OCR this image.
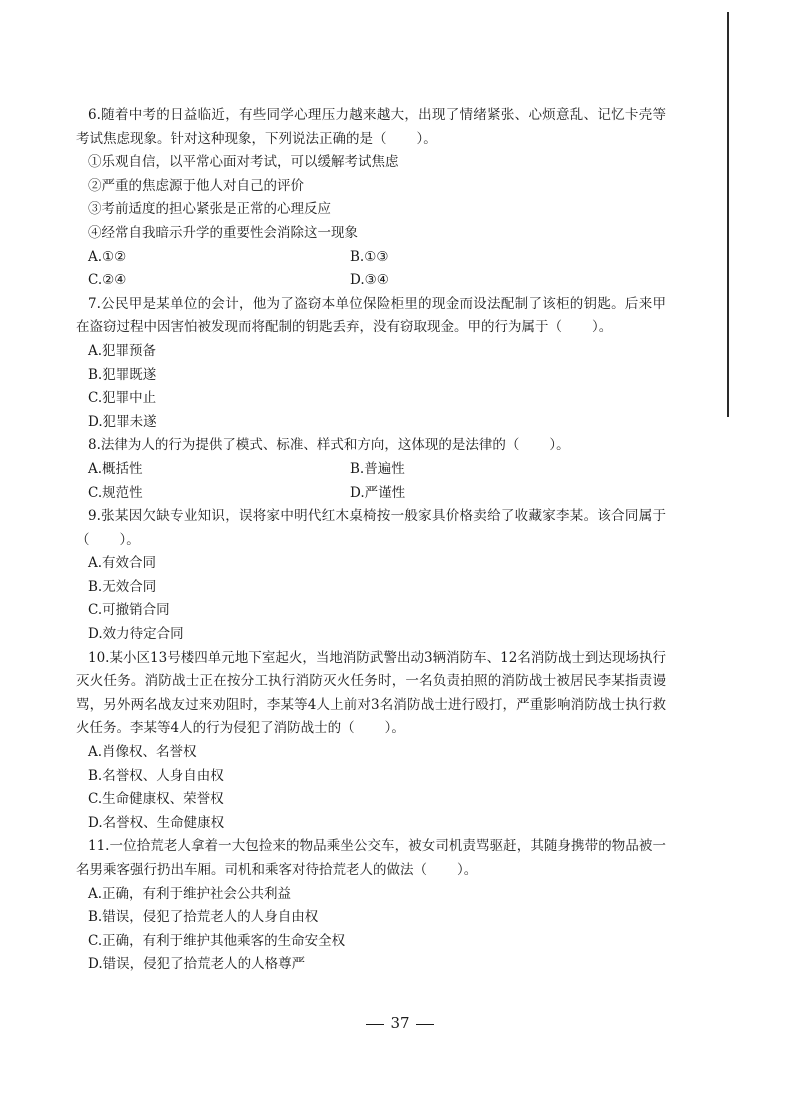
6.随着中考的日益临近，有些同学心理压力越来越大，出现了情绪紧张、心烦意乱、记忆卡壳等考试焦虑现象。针对这种现象，下列说法正确的是（ ）。
①乐观自信，以平常心面对考试，可以缓解考试焦虑
②严重的焦虑源于他人对自己的评价
③考前适度的担心紧张是正常的心理反应
④经常自我暗示升学的重要性会消除这一现象
A.①②	B.①③
C.②④	D.③④
7.公民甲是某单位的会计，他为了盗窃本单位保险柜里的现金而设法配制了该柜的钥匙。后来甲在盗窃过程中因害怕被发现而将配制的钥匙丢弃，没有窃取现金。甲的行为属于（ ）。
A.犯罪预备
B.犯罪既遂
C.犯罪中止
D.犯罪未遂
8.法律为人的行为提供了模式、标准、样式和方向，这体现的是法律的（ ）。
A.概括性	B.普遍性
C.规范性	D.严谨性
9.张某因欠缺专业知识，误将家中明代红木桌椅按一般家具价格卖给了收藏家李某。该合同属于（ ）。
A.有效合同
B.无效合同
C.可撤销合同
D.效力待定合同
10.某小区13号楼四单元地下室起火，当地消防武警出动3辆消防车、12名消防战士到达现场执行灭火任务。消防战士正在按分工执行消防灭火任务时，一名负责拍照的消防战士被居民李某指责谩骂，另外两名战友过来劝阻时，李某等4人上前对3名消防战士进行殴打，严重影响消防战士执行救火任务。李某等4人的行为侵犯了消防战士的（ ）。
A.肖像权、名誉权
B.名誉权、人身自由权
C.生命健康权、荣誉权
D.名誉权、生命健康权
11.一位拾荒老人拿着一大包捡来的物品乘坐公交车，被女司机责骂驱赶，其随身携带的物品被一名男乘客强行扔出车厢。司机和乘客对待拾荒老人的做法（ ）。
A.正确，有利于维护社会公共利益
B.错误，侵犯了拾荒老人的人身自由权
C.正确，有利于维护其他乘客的生命安全权
D.错误，侵犯了拾荒老人的人格尊严
37
